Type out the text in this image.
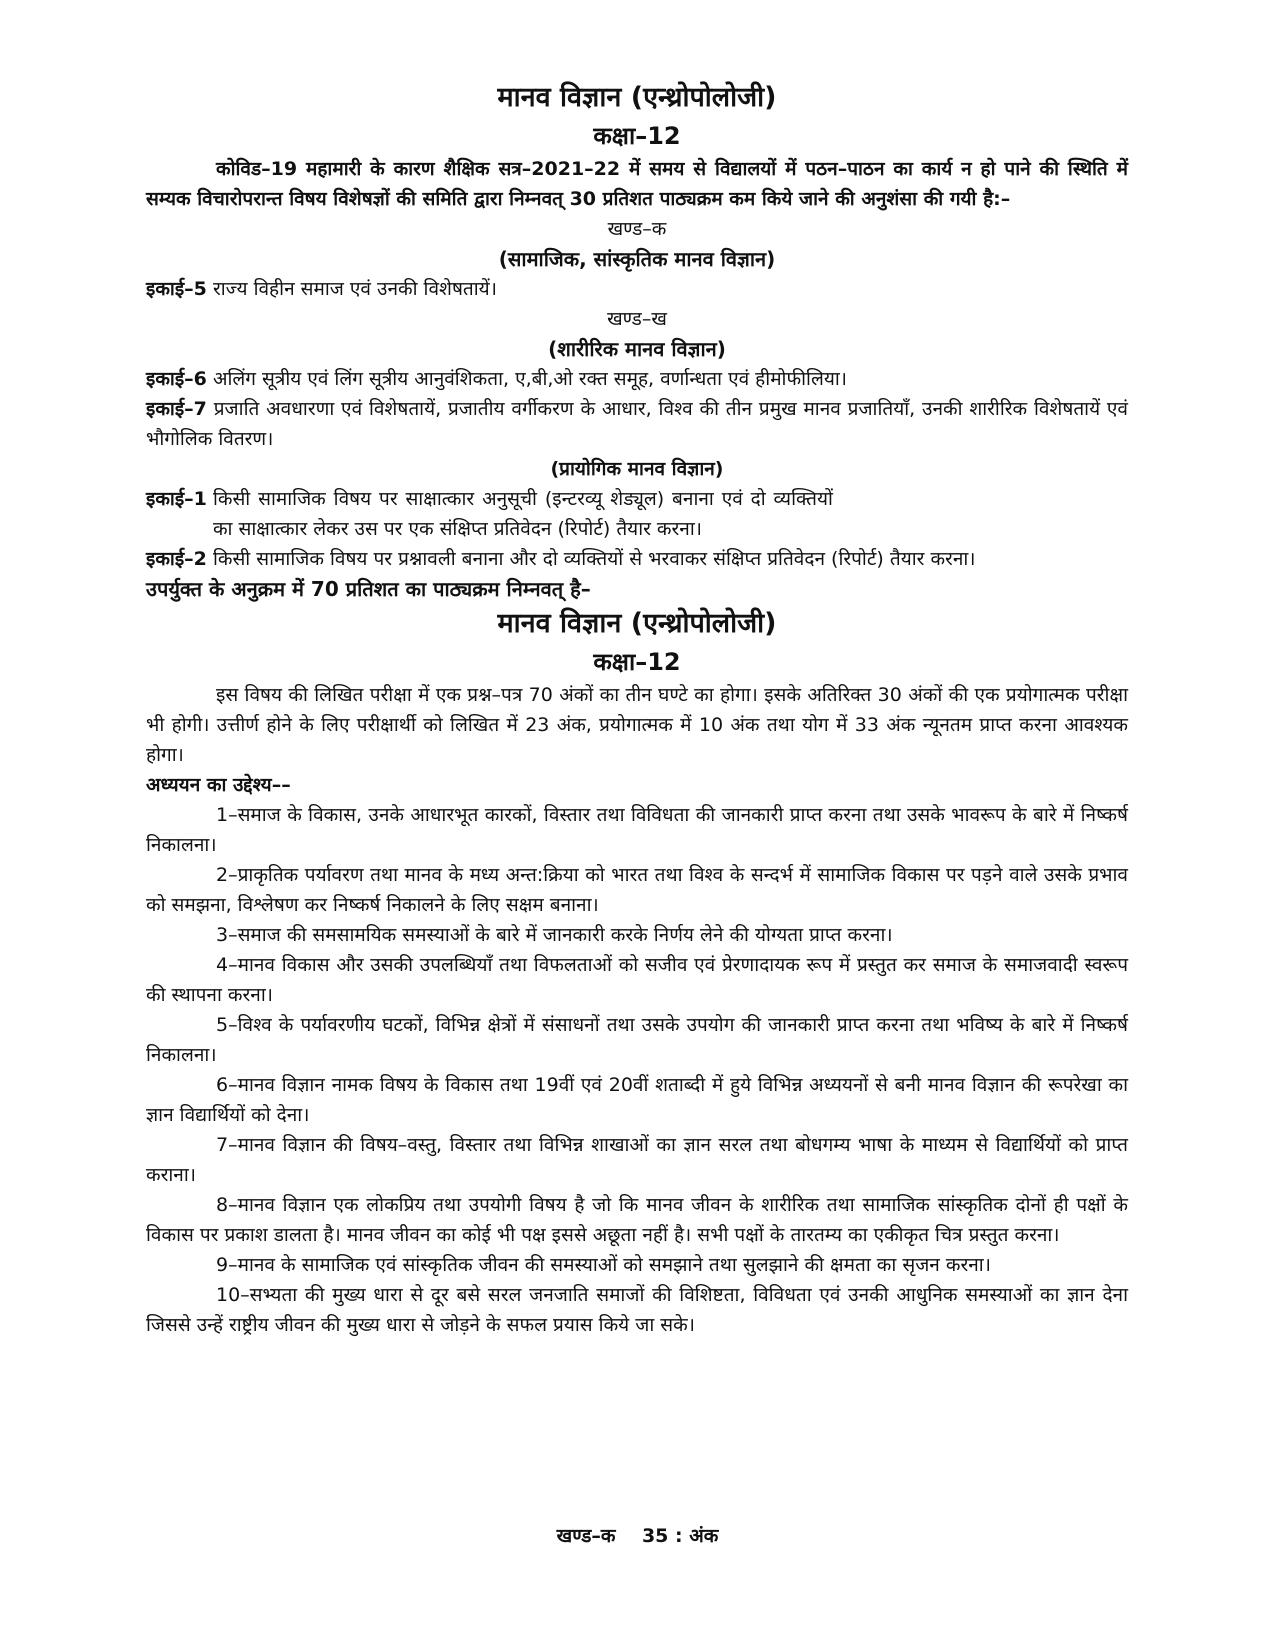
मानव विज्ञान (एन्थ्रोपोलोजी)
कक्षा–12
कोविड–19 महामारी के कारण शैक्षिक सत्र–2021–22 में समय से विद्यालयों में पठन–पाठन का कार्य न हो पाने की स्थिति में सम्यक विचारोपरान्त विषय विशेषज्ञों की समिति द्वारा निम्नवत् 30 प्रतिशत पाठ्यक्रम कम किये जाने की अनुशंसा की गयी है:–
खण्ड–क
(सामाजिक, सांस्कृतिक मानव विज्ञान)
इकाई–5
राज्य विहीन समाज एवं उनकी विशेषतायें।
खण्ड–ख
(शारीरिक मानव विज्ञान)
इकाई–6
अलिंग सूत्रीय एवं लिंग सूत्रीय आनुवंशिकता, ए,बी,ओ रक्त समूह, वर्णान्धता एवं हीमोफीलिया।
इकाई–7 प्रजाति अवधारणा एवं विशेषतायें, प्रजातीय वर्गीकरण के आधार, विश्व की तीन प्रमुख मानव प्रजातियाँ, उनकी शारीरिक विशेषतायें एवं भौगोलिक वितरण।
(प्रायोगिक मानव विज्ञान)
इकाई–1
किसी सामाजिक विषय पर साक्षात्कार अनुसूची (इन्टरव्यू शेड्यूल) बनाना एवं दो व्यक्तियों का साक्षात्कार लेकर उस पर एक संक्षिप्त प्रतिवेदन (रिपोर्ट) तैयार करना।
इकाई–2
किसी सामाजिक विषय पर प्रश्नावली बनाना और दो व्यक्तियों से भरवाकर संक्षिप्त प्रतिवेदन (रिपोर्ट) तैयार करना।
उपर्युक्त के अनुक्रम में 70 प्रतिशत का पाठ्यक्रम निम्नवत् है–
मानव विज्ञान (एन्थ्रोपोलोजी)
कक्षा–12
इस विषय की लिखित परीक्षा में एक प्रश्न–पत्र 70 अंकों का तीन घण्टे का होगा। इसके अतिरिक्त 30 अंकों की एक प्रयोगात्मक परीक्षा भी होगी। उत्तीर्ण होने के लिए परीक्षार्थी को लिखित में 23 अंक, प्रयोगात्मक में 10 अंक तथा योग में 33 अंक न्यूनतम प्राप्त करना आवश्यक होगा।
अध्ययन का उद्देश्य––
1–समाज के विकास, उनके आधारभूत कारकों, विस्तार तथा विविधता की जानकारी प्राप्त करना तथा उसके भावरूप के बारे में निष्कर्ष निकालना।
2–प्राकृतिक पर्यावरण तथा मानव के मध्य अन्त:क्रिया को भारत तथा विश्व के सन्दर्भ में सामाजिक विकास पर पड़ने वाले उसके प्रभाव को समझना, विश्लेषण कर निष्कर्ष निकालने के लिए सक्षम बनाना।
3–समाज की समसामयिक समस्याओं के बारे में जानकारी करके निर्णय लेने की योग्यता प्राप्त करना।
4–मानव विकास और उसकी उपलब्धियाँ तथा विफलताओं को सजीव एवं प्रेरणादायक रूप में प्रस्तुत कर समाज के समाजवादी स्वरूप की स्थापना करना।
5–विश्व के पर्यावरणीय घटकों, विभिन्न क्षेत्रों में संसाधनों तथा उसके उपयोग की जानकारी प्राप्त करना तथा भविष्य के बारे में निष्कर्ष निकालना।
6–मानव विज्ञान नामक विषय के विकास तथा 19वीं एवं 20वीं शताब्दी में हुये विभिन्न अध्ययनों से बनी मानव विज्ञान की रूपरेखा का ज्ञान विद्यार्थियों को देना।
7–मानव विज्ञान की विषय–वस्तु, विस्तार तथा विभिन्न शाखाओं का ज्ञान सरल तथा बोधगम्य भाषा के माध्यम से विद्यार्थियों को प्राप्त कराना।
8–मानव विज्ञान एक लोकप्रिय तथा उपयोगी विषय है जो कि मानव जीवन के शारीरिक तथा सामाजिक सांस्कृतिक दोनों ही पक्षों के विकास पर प्रकाश डालता है। मानव जीवन का कोई भी पक्ष इससे अछूता नहीं है। सभी पक्षों के तारतम्य का एकीकृत चित्र प्रस्तुत करना।
9–मानव के सामाजिक एवं सांस्कृतिक जीवन की समस्याओं को समझाने तथा सुलझाने की क्षमता का सृजन करना।
10–सभ्यता की मुख्य धारा से दूर बसे सरल जनजाति समाजों की विशिष्टता, विविधता एवं उनकी आधुनिक समस्याओं का ज्ञान देना जिससे उन्हें राष्ट्रीय जीवन की मुख्य धारा से जोड़ने के सफल प्रयास किये जा सके।
खण्ड–क 35 : अंक
